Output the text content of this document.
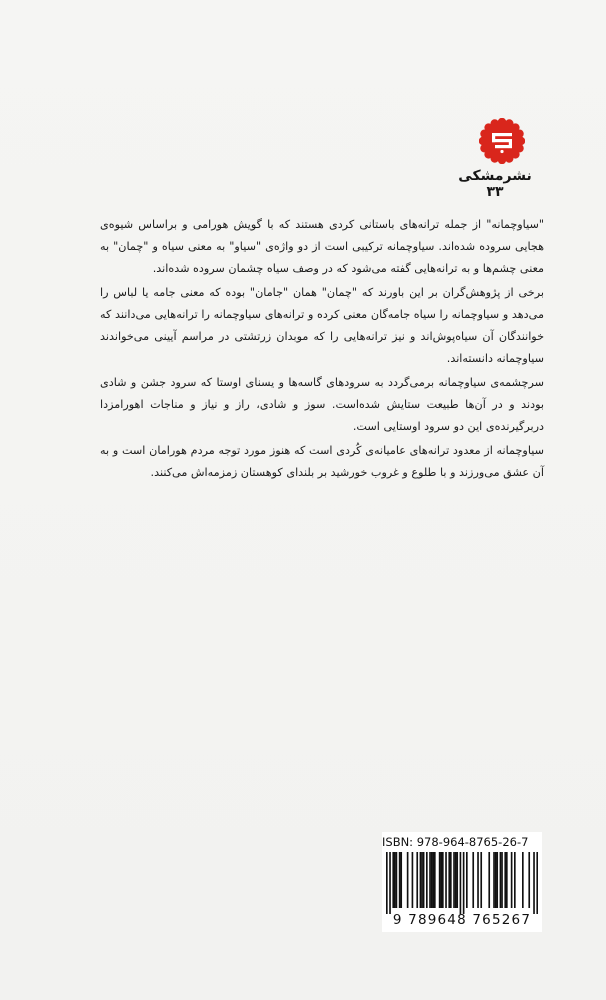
نشرمشکی ۳۳

"سیاوچمانه" از جمله ترانه‌های باستانی کردی هستند که با گویش هورامی و براساس شیوه‌ی هجایی سروده شده‌اند. سیاوچمانه ترکیبی است از دو واژه‌ی "سیاو" به معنی سیاه و "چمان" به معنی چشم‌ها و به ترانه‌هایی گفته می‌شود که در وصف سیاه چشمان سروده شده‌اند.

برخی از پژوهش‌گران بر این باورند که "چمان" همان "جامان" بوده که معنی جامه یا لباس را می‌دهد و سیاوچمانه را سیاه جامه‌گان معنی کرده و ترانه‌های سیاوچمانه را ترانه‌هایی می‌دانند که خوانندگان آن سیاه‌پوش‌اند و نیز ترانه‌هایی را که موبدان زرتشتی در مراسم آیینی می‌خواندند سیاوچمانه دانسته‌اند.

سرچشمه‌ی سیاوچمانه برمی‌گردد به سرودهای گاسه‌ها و یسنای اوستا که سرود جشن و شادی بودند و در آن‌ها طبیعت ستایش شده‌است. سوز و شادی، راز و نیاز و مناجات اهورامزدا دربرگیرنده‌ی این دو سرود اوستایی است.

سیاوچمانه از معدود ترانه‌های عامیانه‌ی کُردی است که هنوز مورد توجه مردم هورامان است و به آن عشق می‌ورزند و با طلوع و غروب خورشید بر بلندای کوهستان زمزمه‌اش می‌کنند.

ISBN: 978-964-8765-26-7
9 789648 765267
